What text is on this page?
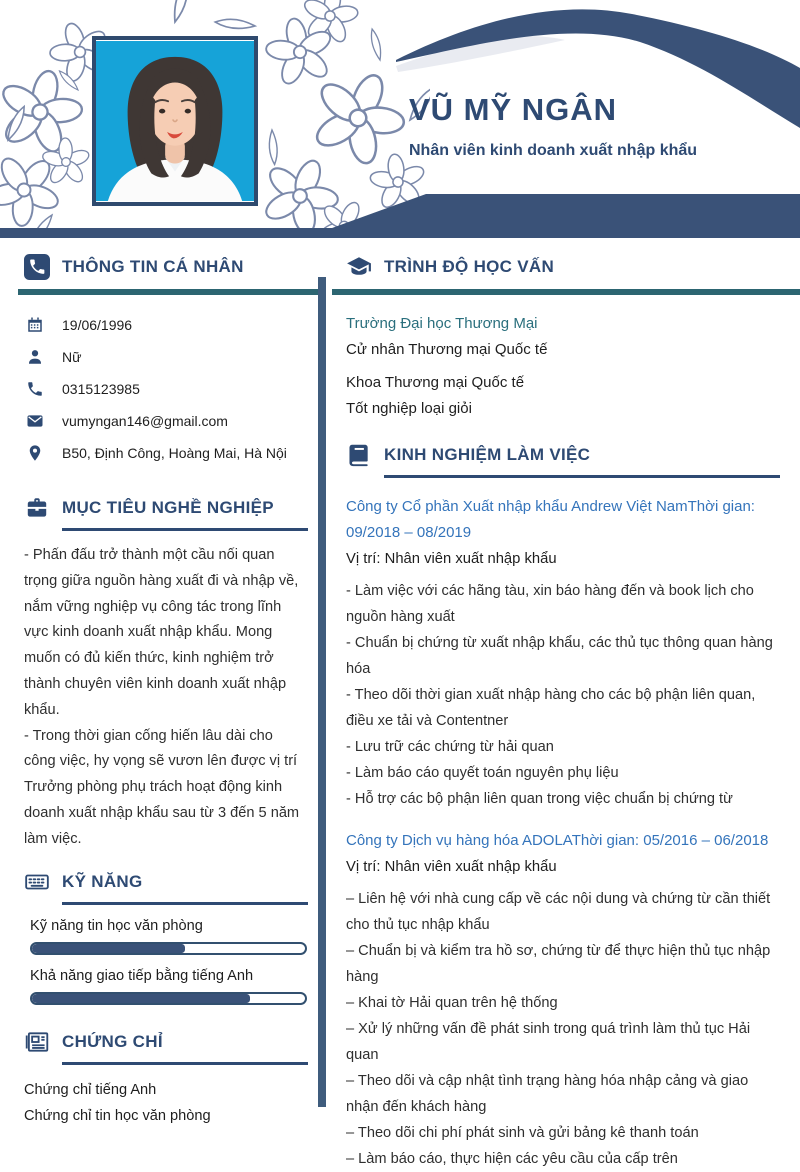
VŨ MỸ NGÂN
Nhân viên kinh doanh xuất nhập khẩu
THÔNG TIN CÁ NHÂN
19/06/1996
Nữ
0315123985
vumyngan146@gmail.com
B50, Định Công, Hoàng Mai, Hà Nội
MỤC TIÊU NGHỀ NGHIỆP

- Phấn đấu trở thành một cầu nối quan trọng giữa nguồn hàng xuất đi và nhập về, nắm vững nghiệp vụ công tác trong lĩnh vực kinh doanh xuất nhập khẩu. Mong muốn có đủ kiến thức, kinh nghiệm trở thành chuyên viên kinh doanh xuất nhập khẩu.

- Trong thời gian cống hiến lâu dài cho công việc, hy vọng sẽ vươn lên được vị trí Trưởng phòng phụ trách hoạt động kinh doanh xuất nhập khẩu sau từ 3 đến 5 năm làm việc.

KỸ NĂNG
Kỹ năng tin học văn phòng
Khả năng giao tiếp bằng tiếng Anh
CHỨNG CHỈ
Chứng chỉ tiếng Anh
Chứng chỉ tin học văn phòng
TRÌNH ĐỘ HỌC VẤN
Trường Đại học Thương Mại
Cử nhân Thương mại Quốc tế
Khoa Thương mại Quốc tế
Tốt nghiệp loại giỏi
KINH NGHIỆM LÀM VIỆC
Công ty Cổ phần Xuất nhập khẩu Andrew Việt NamThời gian: 09/2018 – 08/2019
Vị trí: Nhân viên xuất nhập khẩu
- Làm việc với các hãng tàu, xin báo hàng đến và book lịch cho nguồn hàng xuất
- Chuẩn bị chứng từ xuất nhập khẩu, các thủ tục thông quan hàng hóa
- Theo dõi thời gian xuất nhập hàng cho các bộ phận liên quan, điều xe tải và Contentner
- Lưu trữ các chứng từ hải quan
- Làm báo cáo quyết toán nguyên phụ liệu
- Hỗ trợ các bộ phận liên quan trong việc chuẩn bị chứng từ
Công ty Dịch vụ hàng hóa ADOLAThời gian: 05/2016 – 06/2018
Vị trí: Nhân viên xuất nhập khẩu
– Liên hệ với nhà cung cấp về các nội dung và chứng từ cần thiết cho thủ tục nhập khẩu
– Chuẩn bị và kiểm tra hồ sơ, chứng từ để thực hiện thủ tục nhập hàng
– Khai tờ Hải quan trên hệ thống
– Xử lý những vấn đề phát sinh trong quá trình làm thủ tục Hải quan
– Theo dõi và cập nhật tình trạng hàng hóa nhập cảng và giao nhận đến khách hàng
– Theo dõi chi phí phát sinh và gửi bảng kê thanh toán
– Làm báo cáo, thực hiện các yêu cầu của cấp trên
